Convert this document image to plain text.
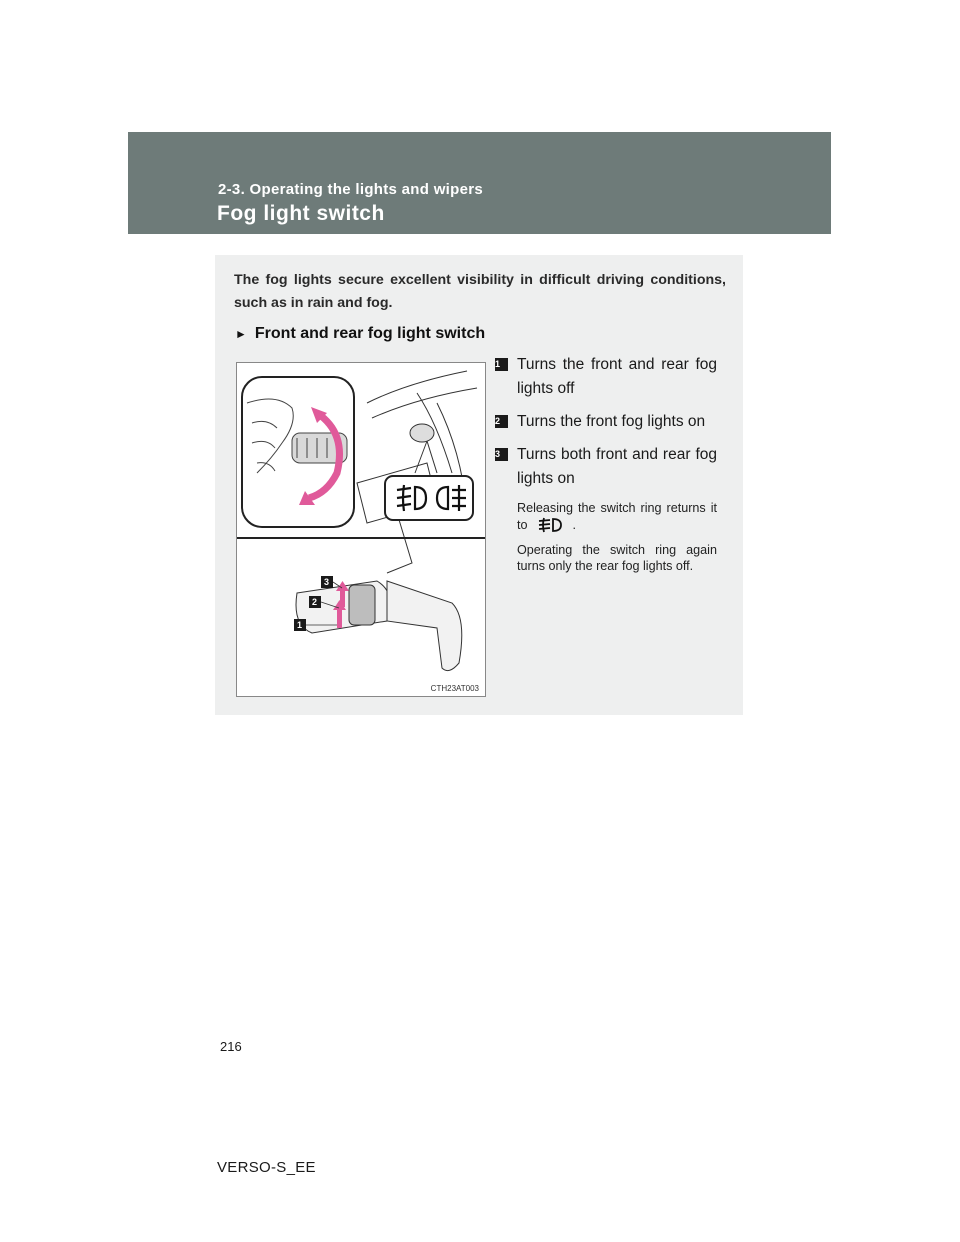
2-3. Operating the lights and wipers
Fog light switch
The fog lights secure excellent visibility in difficult driving conditions, such as in rain and fog.
► Front and rear fog light switch
3
2
1
CTH23AT003
1	Turns the front and rear fog lights off
2	Turns the front fog lights on
3	Turns both front and rear fog lights on
Releasing the switch ring returns it to	.
Operating the switch ring again turns only the rear fog lights off.
216
VERSO-S_EE
